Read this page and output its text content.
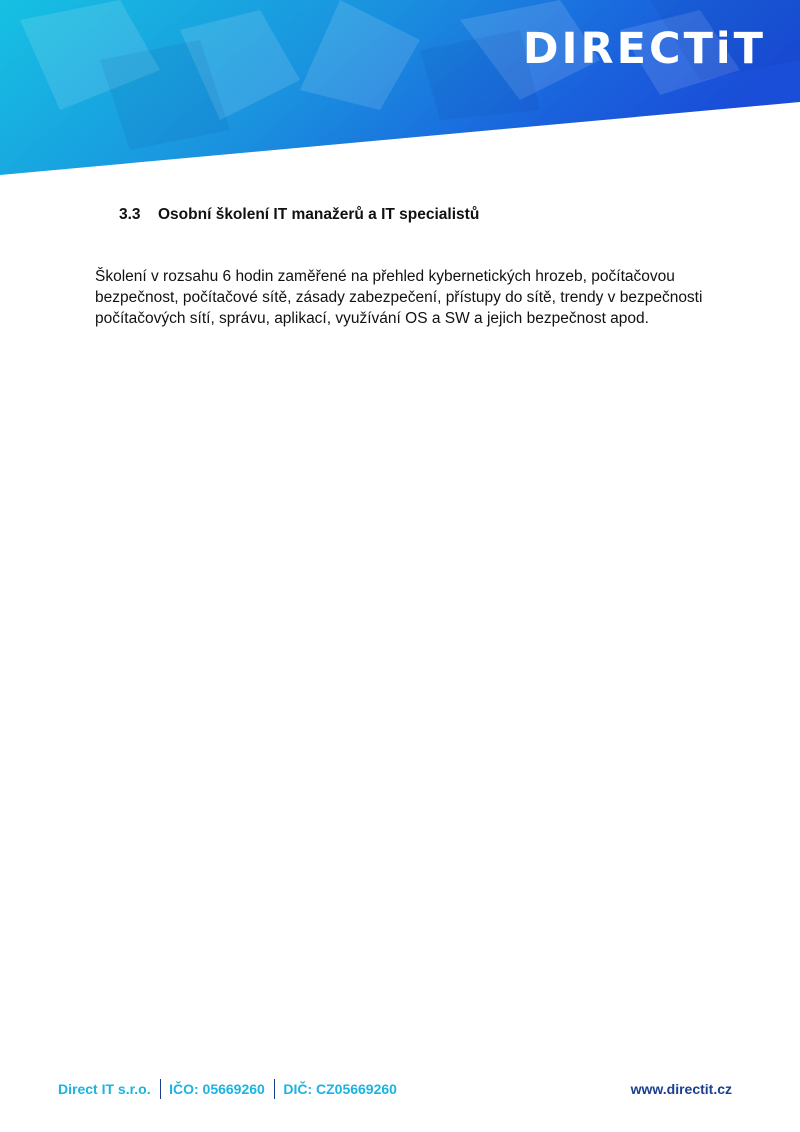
DIRECTiT
3.3 Osobní školení IT manažerů a IT specialistů
Školení v rozsahu 6 hodin zaměřené na přehled kybernetických hrozeb, počítačovou bezpečnost, počítačové sítě, zásady zabezpečení, přístupy do sítě, trendy v bezpečnosti počítačových sítí, správu, aplikací, využívání OS a SW a jejich bezpečnost apod.
Direct IT s.r.o. IČO: 05669260 DIČ: CZ05669260	www.directit.cz
